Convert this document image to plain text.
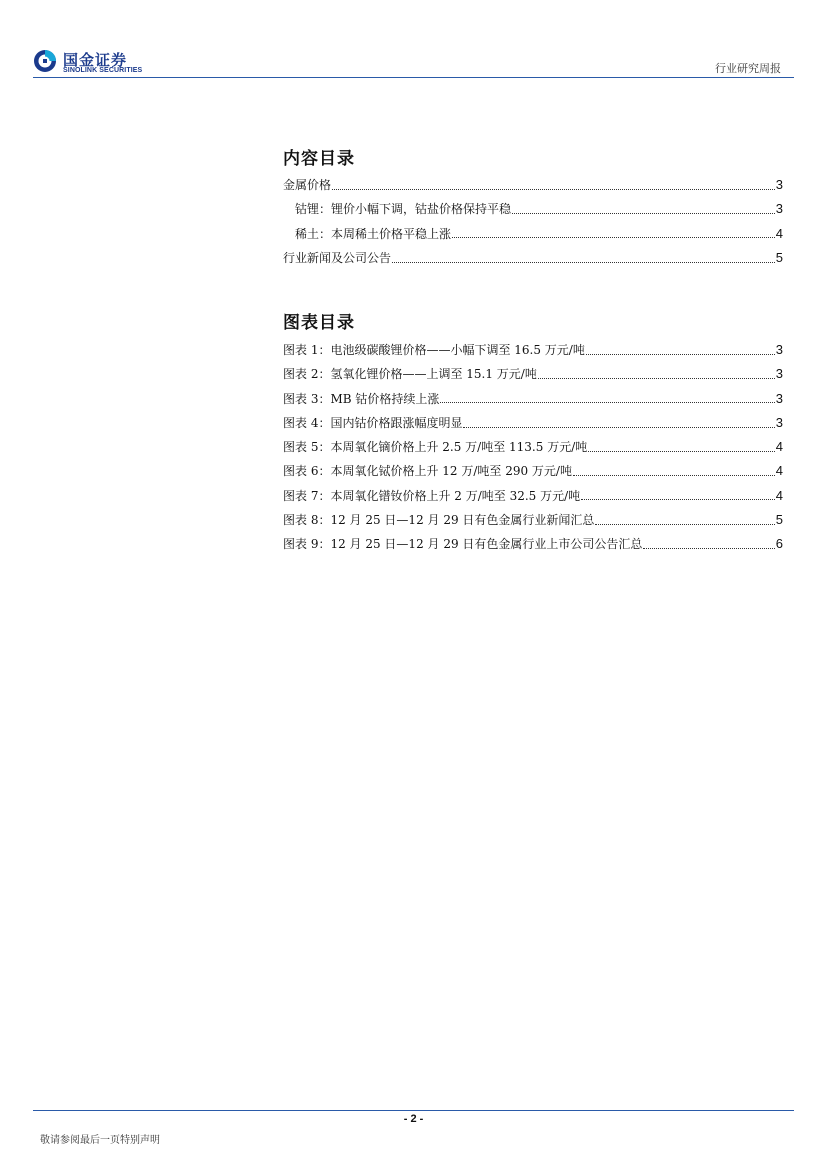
国金证券
SINOLINK SECURITIES	行业研究周报
内容目录
金属价格	3
钴锂：锂价小幅下调，钴盐价格保持平稳	3
稀土：本周稀土价格平稳上涨	4
行业新闻及公司公告	5
图表目录
图表 1：电池级碳酸锂价格——小幅下调至 16.5 万元/吨	3
图表 2：氢氧化锂价格——上调至 15.1 万元/吨	3
图表 3：MB 钴价格持续上涨	3
图表 4：国内钴价格跟涨幅度明显	3
图表 5：本周氧化镝价格上升 2.5 万/吨至 113.5 万元/吨	4
图表 6：本周氧化铽价格上升 12 万/吨至 290 万元/吨	4
图表 7：本周氧化镨钕价格上升 2 万/吨至 32.5 万元/吨	4
图表 8：12 月 25 日—12 月 29 日有色金属行业新闻汇总	5
图表 9：12 月 25 日—12 月 29 日有色金属行业上市公司公告汇总	6
- 2 -
敬请参阅最后一页特别声明
